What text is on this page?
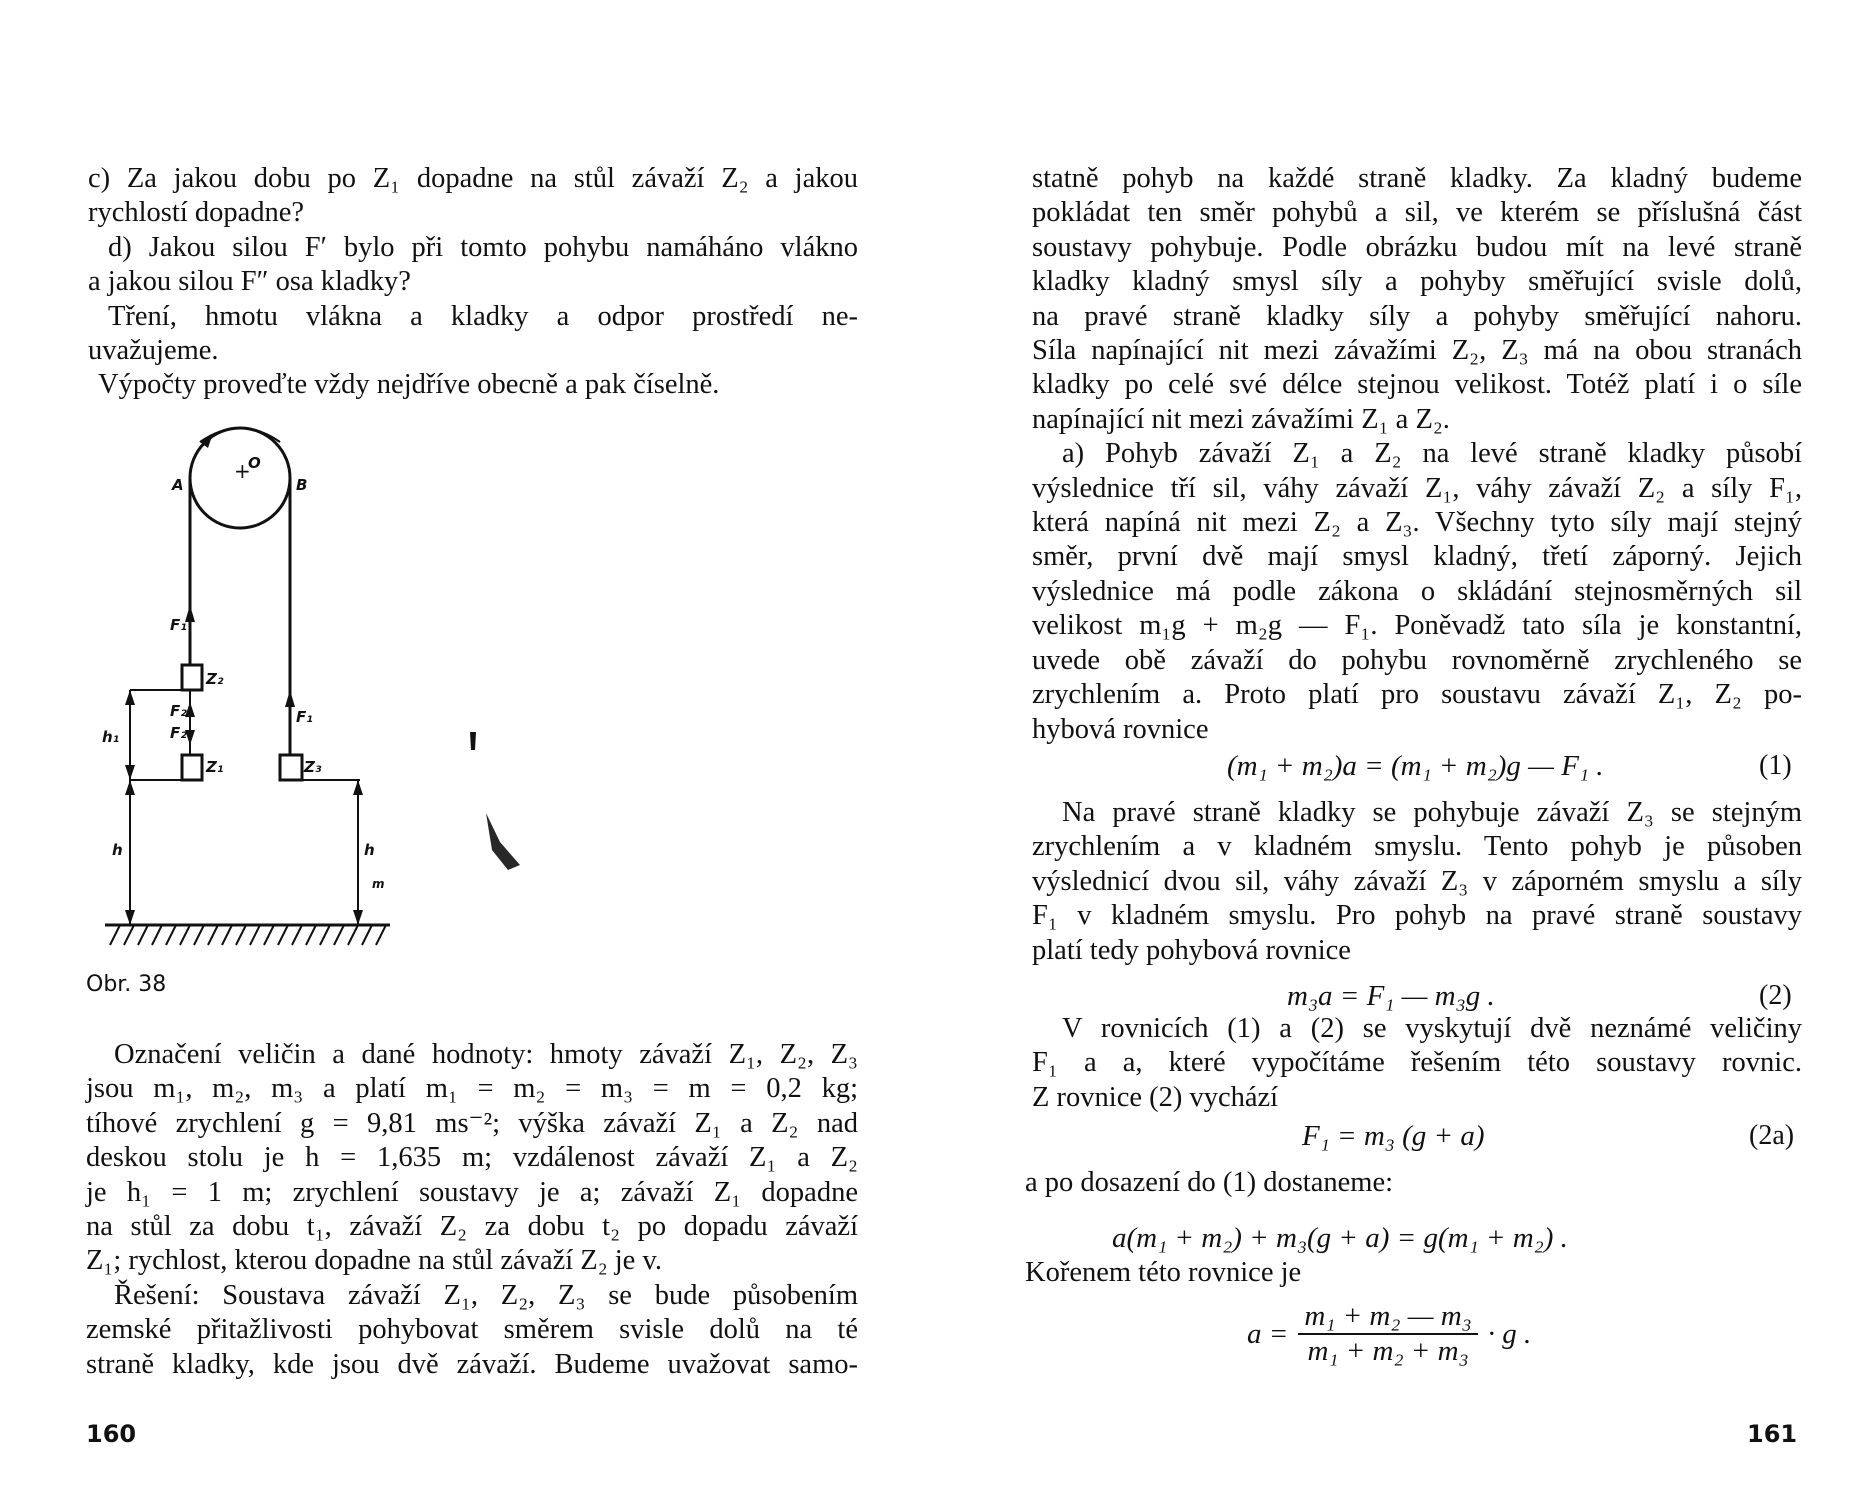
c) Za jakou dobu po Z₁ dopadne na stůl závaží Z₂ a jakou
rychlostí dopadne?
d) Jakou silou F′ bylo při tomto pohybu namáháno vlákno
a jakou silou F″ osa kladky?
Tření, hmotu vlákna a kladky a odpor prostředí ne-
uvažujeme.
Výpočty proveďte vždy nejdříve obecně a pak číselně.
+
O
A	B
F₁
Z₂
F₂
F₂
F₁
h₁
Z₁	Z₃
h	h
m
Obr. 38
Označení veličin a dané hodnoty: hmoty závaží Z₁, Z₂, Z₃
jsou m₁, m₂, m₃ a platí m₁ = m₂ = m₃ = m = 0,2 kg;
tíhové zrychlení g = 9,81 ms⁻²; výška závaží Z₁ a Z₂ nad
deskou stolu je h = 1,635 m; vzdálenost závaží Z₁ a Z₂
je h₁ = 1 m; zrychlení soustavy je a; závaží Z₁ dopadne
na stůl za dobu t₁, závaží Z₂ za dobu t₂ po dopadu závaží
Z₁; rychlost, kterou dopadne na stůl závaží Z₂ je v.
Řešení: Soustava závaží Z₁, Z₂, Z₃ se bude působením
zemské přitažlivosti pohybovat směrem svisle dolů na té
straně kladky, kde jsou dvě závaží. Budeme uvažovat samo-
160
statně pohyb na každé straně kladky. Za kladný budeme
pokládat ten směr pohybů a sil, ve kterém se příslušná část
soustavy pohybuje. Podle obrázku budou mít na levé straně
kladky kladný smysl síly a pohyby směřující svisle dolů,
na pravé straně kladky síly a pohyby směřující nahoru.
Síla napínající nit mezi závažími Z₂, Z₃ má na obou stranách
kladky po celé své délce stejnou velikost. Totéž platí i o síle
napínající nit mezi závažími Z₁ a Z₂.
a) Pohyb závaží Z₁ a Z₂ na levé straně kladky působí
výslednice tří sil, váhy závaží Z₁, váhy závaží Z₂ a síly F₁,
která napíná nit mezi Z₂ a Z₃. Všechny tyto síly mají stejný
směr, první dvě mají smysl kladný, třetí záporný. Jejich
výslednice má podle zákona o skládání stejnosměrných sil
velikost m₁g + m₂g — F₁. Poněvadž tato síla je konstantní,
uvede obě závaží do pohybu rovnoměrně zrychleného se
zrychlením a. Proto platí pro soustavu závaží Z₁, Z₂ po-
hybová rovnice
(m₁ + m₂)a = (m₁ + m₂)g — F₁ .	(1)
Na pravé straně kladky se pohybuje závaží Z₃ se stejným
zrychlením a v kladném smyslu. Tento pohyb je působen
výslednicí dvou sil, váhy závaží Z₃ v záporném smyslu a síly
F₁ v kladném smyslu. Pro pohyb na pravé straně soustavy
platí tedy pohybová rovnice
m₃a = F₁ — m₃g .	(2)
V rovnicích (1) a (2) se vyskytují dvě neznámé veličiny
F₁ a a, které vypočítáme řešením této soustavy rovnic.
Z rovnice (2) vychází
F₁ = m₃ (g + a)	(2a)
a po dosazení do (1) dostaneme:
a(m₁ + m₂) + m₃(g + a) = g(m₁ + m₂) .
Kořenem této rovnice je
$a = \frac{\text{m₁ + m₂ — m₃}}{\text{m₁ + m₂ + m₃}} \cdot g$ .
161
